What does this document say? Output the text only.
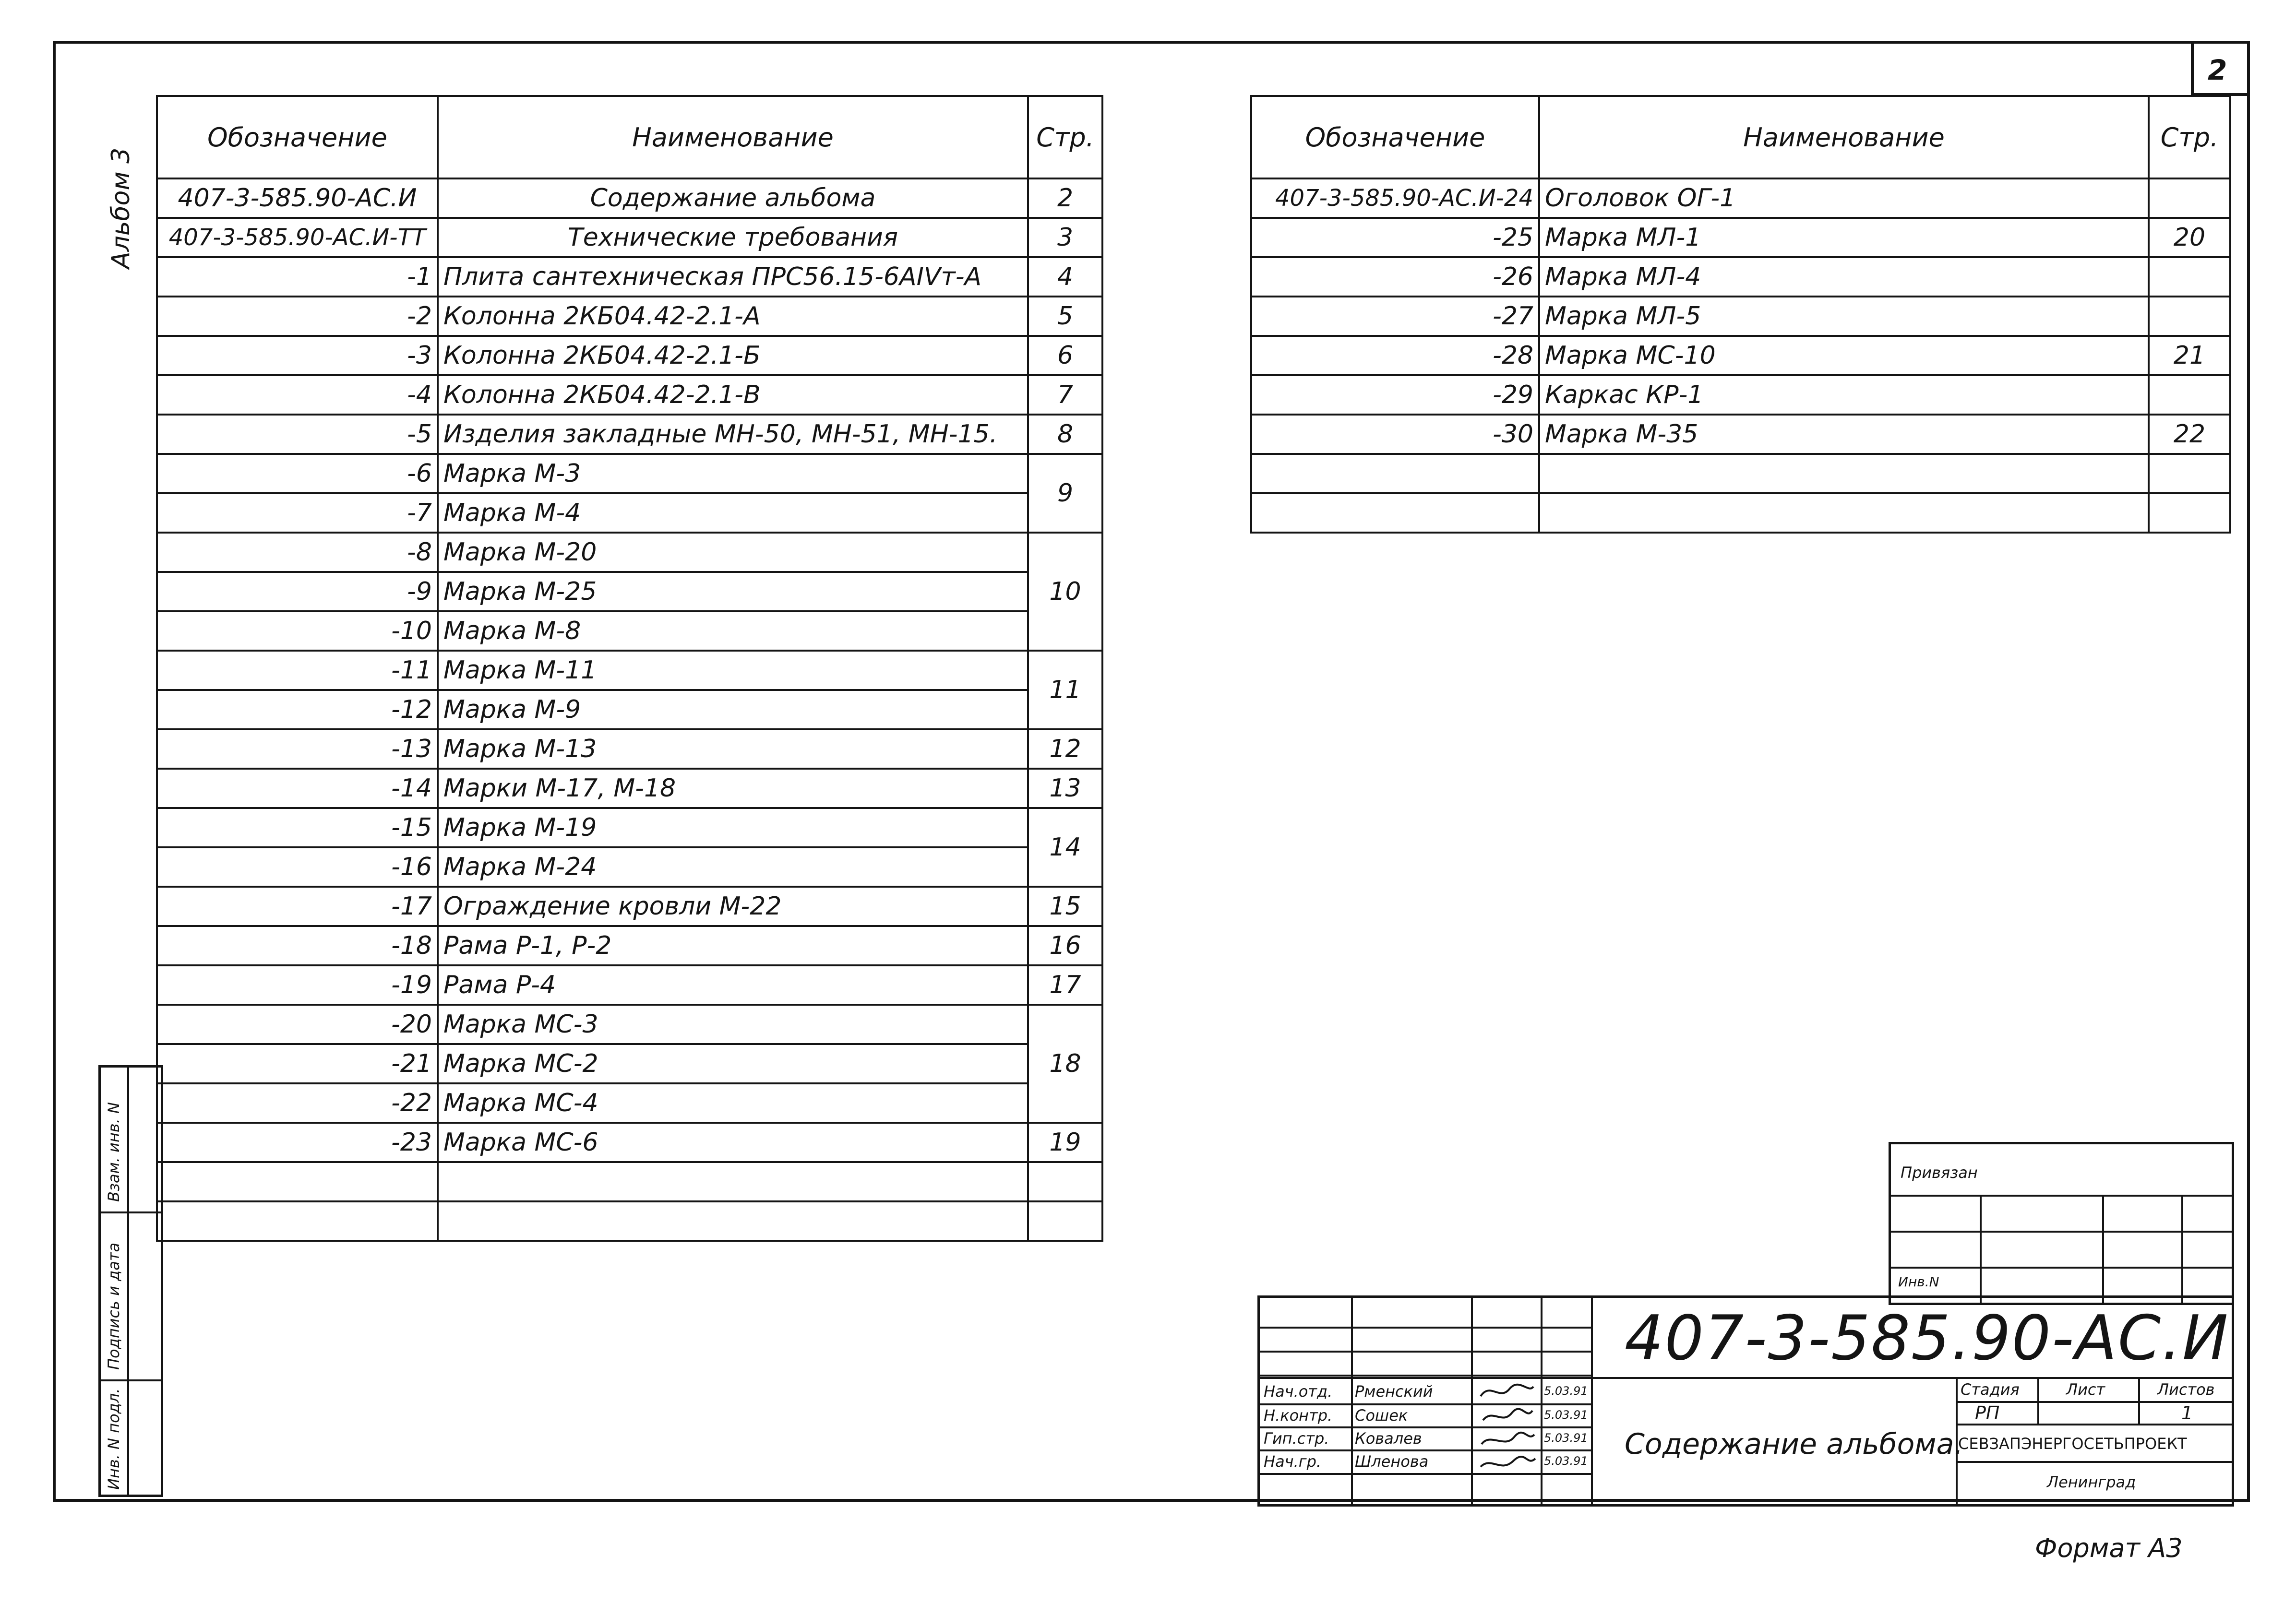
2
Альбом 3
Обозначение	Наименование	Стр.
407-3-585.90-АС.И	Содержание альбома	2
407-3-585.90-АС.И-ТТ	Технические требования	3
-1	Плита сантехническая ПРС56.15-6АIVт-А	4
-2	Колонна 2КБ04.42-2.1-А	5
-3	Колонна 2КБ04.42-2.1-Б	6
-4	Колонна 2КБ04.42-2.1-В	7
-5	Изделия закладные МН-50, МН-51, МН-15.	8
-6	Марка М-3	9
-7	Марка М-4	
-8	Марка М-20	10
-9	Марка М-25	
-10	Марка М-8	
-11	Марка М-11	11
-12	Марка М-9	
-13	Марка М-13	12
-14	Марки М-17, М-18	13
-15	Марка М-19	14
-16	Марка М-24	
-17	Ограждение кровли М-22	15
-18	Рама Р-1, Р-2	16
-19	Рама Р-4	17
-20	Марка МС-3	18
-21	Марка МС-2	
-22	Марка МС-4	
-23	Марка МС-6	19

Обозначение	Наименование	Стр.
407-3-585.90-АС.И-24	Оголовок ОГ-1	
-25	Марка МЛ-1	20
-26	Марка МЛ-4	
-27	Марка МЛ-5	
-28	Марка МС-10	21
-29	Каркас КР-1	
-30	Марка М-35	22

Взам. инв. N
Подпись и дата
Инв. N подл.
Привязан
Инв.N
Нач.отд. Рменский	5.03.91
Н.контр. Сошек	5.03.91
Гип.стр. Ковалев	5.03.91
Нач.гр. Шленова	5.03.91
407-3-585.90-АС.И
Содержание альбома.
Стадия	Лист	Листов
РП	1
СЕВЗАПЭНЕРГОСЕТЬПРОЕКТ
Ленинград
Формат А3
